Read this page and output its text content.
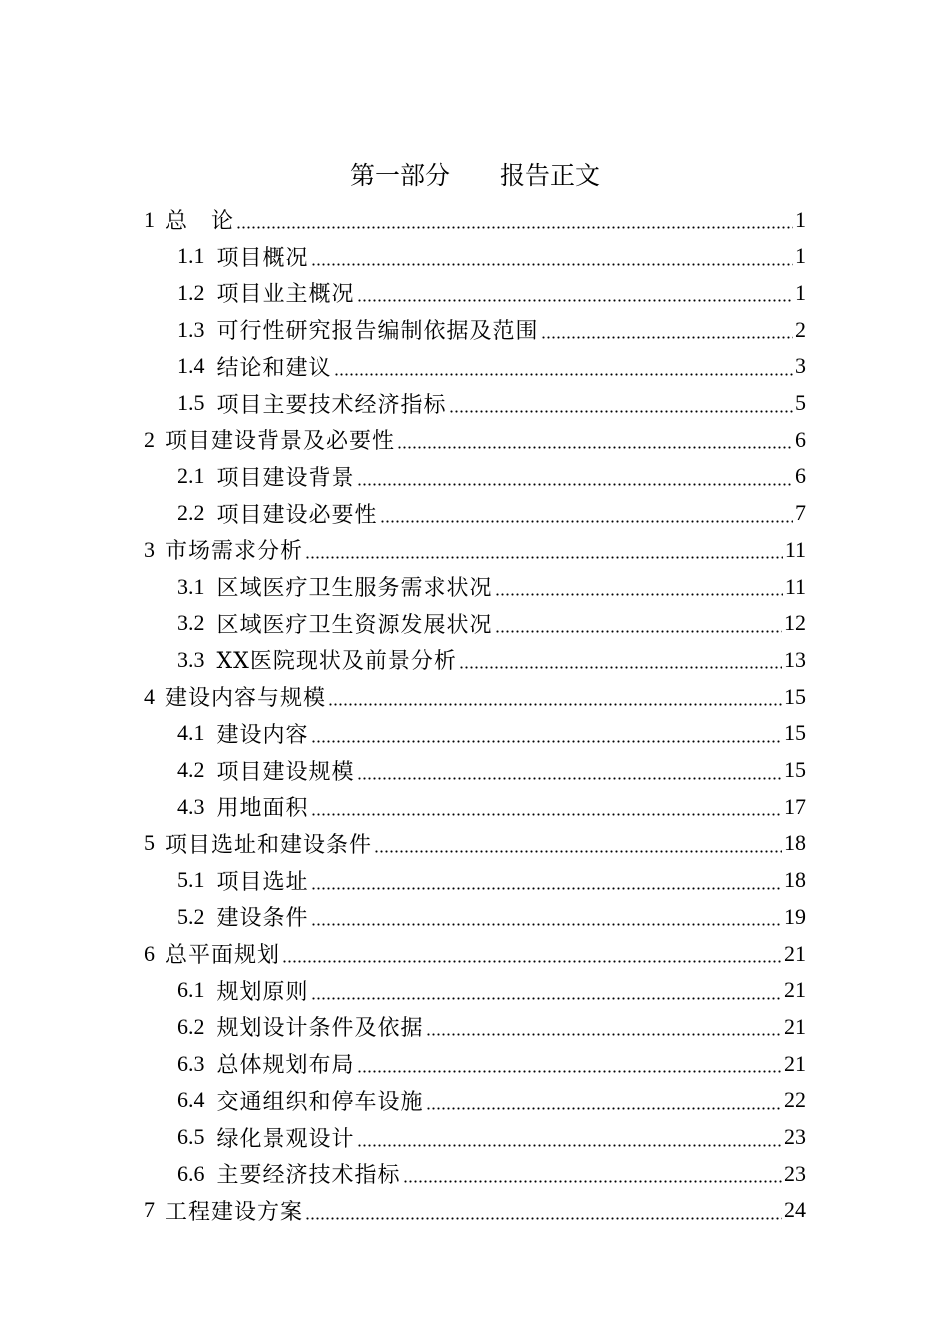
第一部分　　报告正文
1 总　论	1
1.1 项目概况	1
1.2 项目业主概况	1
1.3 可行性研究报告编制依据及范围	2
1.4 结论和建议	3
1.5 项目主要技术经济指标	5
2 项目建设背景及必要性	6
2.1 项目建设背景	6
2.2 项目建设必要性	7
3 市场需求分析	11
3.1 区域医疗卫生服务需求状况	11
3.2 区域医疗卫生资源发展状况	12
3.3 XX医院现状及前景分析	13
4 建设内容与规模	15
4.1 建设内容	15
4.2 项目建设规模	15
4.3 用地面积	17
5 项目选址和建设条件	18
5.1 项目选址	18
5.2 建设条件	19
6 总平面规划	21
6.1 规划原则	21
6.2 规划设计条件及依据	21
6.3 总体规划布局	21
6.4 交通组织和停车设施	22
6.5 绿化景观设计	23
6.6 主要经济技术指标	23
7 工程建设方案	24
